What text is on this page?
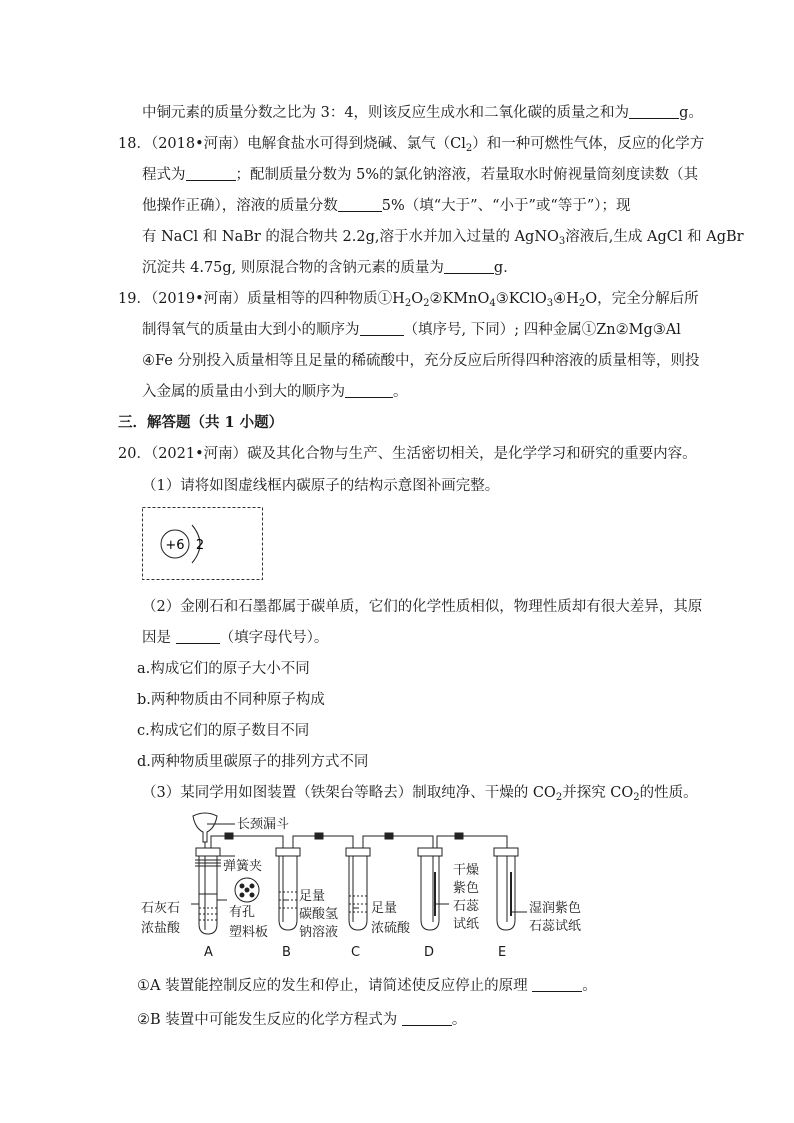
中铜元素的质量分数之比为 3：4，则该反应生成水和二氧化碳的质量之和为	g。
18．（2018•河南）电解食盐水可得到烧碱、氯气$(Cl_2)$和一种可燃性气体，反应的化学方
程式为	；配制质量分数为 5%的氯化钠溶液，若量取水时俯视量筒刻度读数（其
他操作正确），溶液的质量分数	5%（填“大于”、“小于”或“等于”）；现
有 NaCl 和 NaBr 的混合物共 2.2g,溶于水并加入过量的 AgNO$_3$溶液后,生成 AgCl 和 AgBr
沉淀共 4.75g, 则原混合物的含钠元素的质量为	g．
19．（2019•河南）质量相等的四种物质$①H_2O_2②KMnO_4③KClO_3④H_2O$，完全分解后所
制得氧气的质量由大到小的顺序为	（填序号, 下同）; 四种金属①Zn②Mg③Al
④Fe 分别投入质量相等且足量的稀硫酸中，充分反应后所得四种溶液的质量相等，则投
入金属的质量由小到大的顺序为	。
三．解答题（共 1 小题）
20．（2021•河南）碳及其化合物与生产、生活密切相关，是化学学习和研究的重要内容。
（1）请将如图虚线框内碳原子的结构示意图补画完整。
+6 2
（2）金刚石和石墨都属于碳单质，它们的化学性质相似，物理性质却有很大差异，其原
因是	（填字母代号）。
a.构成它们的原子大小不同
b.两种物质由不同种原子构成
c.构成它们的原子数目不同
d.两种物质里碳原子的排列方式不同
（3）某同学用如图装置（铁架台等略去）制取纯净、干燥的 $CO_2$并探究 $CO_2$的性质。
长颈漏斗
弹簧夹
石灰石
浓盐酸
有孔
塑料板
足量
碳酸氢
钠溶液
足量
浓硫酸
干燥
紫色
石蕊
试纸
湿润紫色
石蕊试纸
A	B	C	D	E
①A 装置能控制反应的发生和停止，请简述使反应停止的原理	。
②B 装置中可能发生反应的化学方程式为	。
